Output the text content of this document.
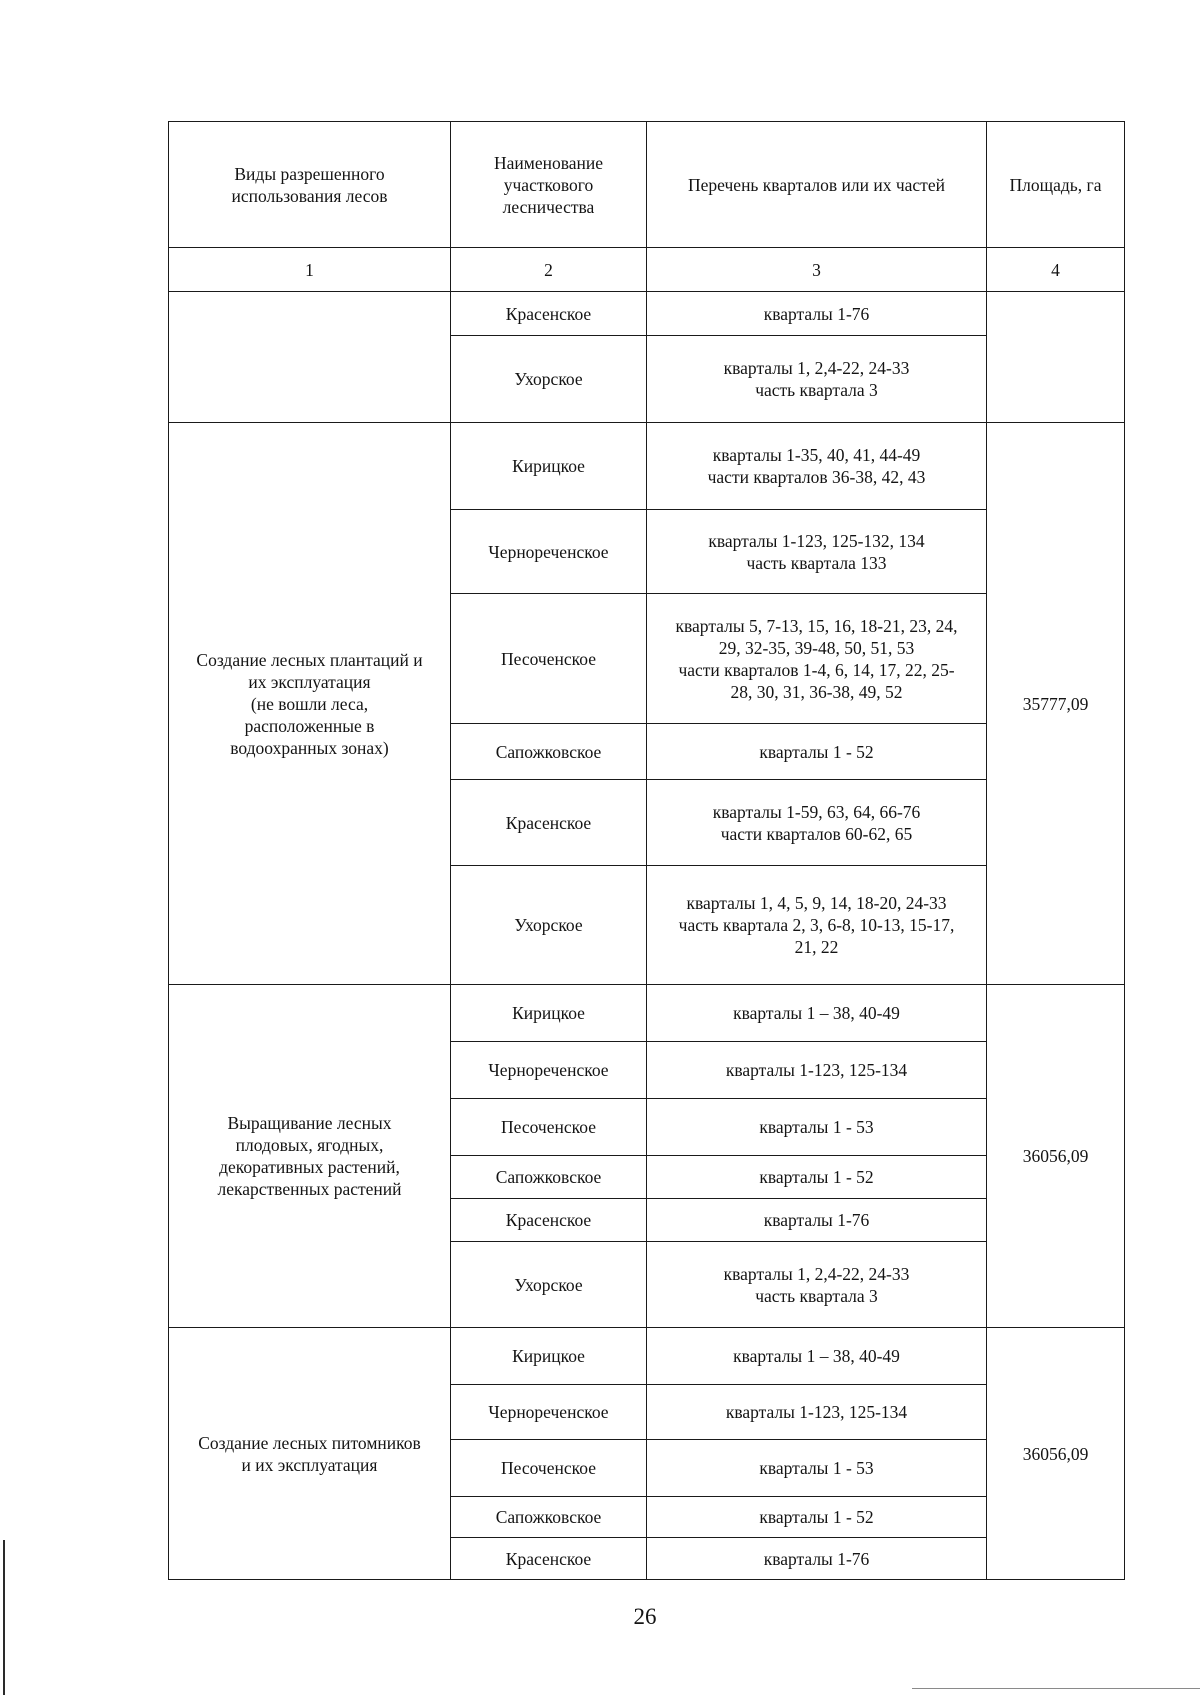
Виды разрешенного
использования лесов	Наименование
участкового
лесничества	Перечень кварталов или их частей	Площадь, га
1	2	3	4
	Красенское	кварталы 1-76	
	Ухорское	кварталы 1, 2,4-22, 24-33
часть квартала 3	
Создание лесных плантаций и
их эксплуатация
(не вошли леса,
расположенные в
водоохранных зонах)	Кирицкое	кварталы 1-35, 40, 41, 44-49
части кварталов 36-38, 42, 43	35777,09
	Чернореченское	кварталы 1-123, 125-132, 134
часть квартала 133	
	Песоченское	кварталы 5, 7-13, 15, 16, 18-21, 23, 24,
29, 32-35, 39-48, 50, 51, 53
части кварталов 1-4, 6, 14, 17, 22, 25-
28, 30, 31, 36-38, 49, 52	
	Сапожковское	кварталы 1 - 52	
	Красенское	кварталы 1-59, 63, 64, 66-76
части кварталов 60-62, 65	
	Ухорское	кварталы 1, 4, 5, 9, 14, 18-20, 24-33
часть квартала 2, 3, 6-8, 10-13, 15-17,
21, 22	
Выращивание лесных
плодовых, ягодных,
декоративных растений,
лекарственных растений	Кирицкое	кварталы 1 – 38, 40-49	36056,09
	Чернореченское	кварталы 1-123, 125-134	
	Песоченское	кварталы 1 - 53	
	Сапожковское	кварталы 1 - 52	
	Красенское	кварталы 1-76	
	Ухорское	кварталы 1, 2,4-22, 24-33
часть квартала 3	
Создание лесных питомников
и их эксплуатация	Кирицкое	кварталы 1 – 38, 40-49	36056,09
	Чернореченское	кварталы 1-123, 125-134	
	Песоченское	кварталы 1 - 53	
	Сапожковское	кварталы 1 - 52	
	Красенское	кварталы 1-76	
26
